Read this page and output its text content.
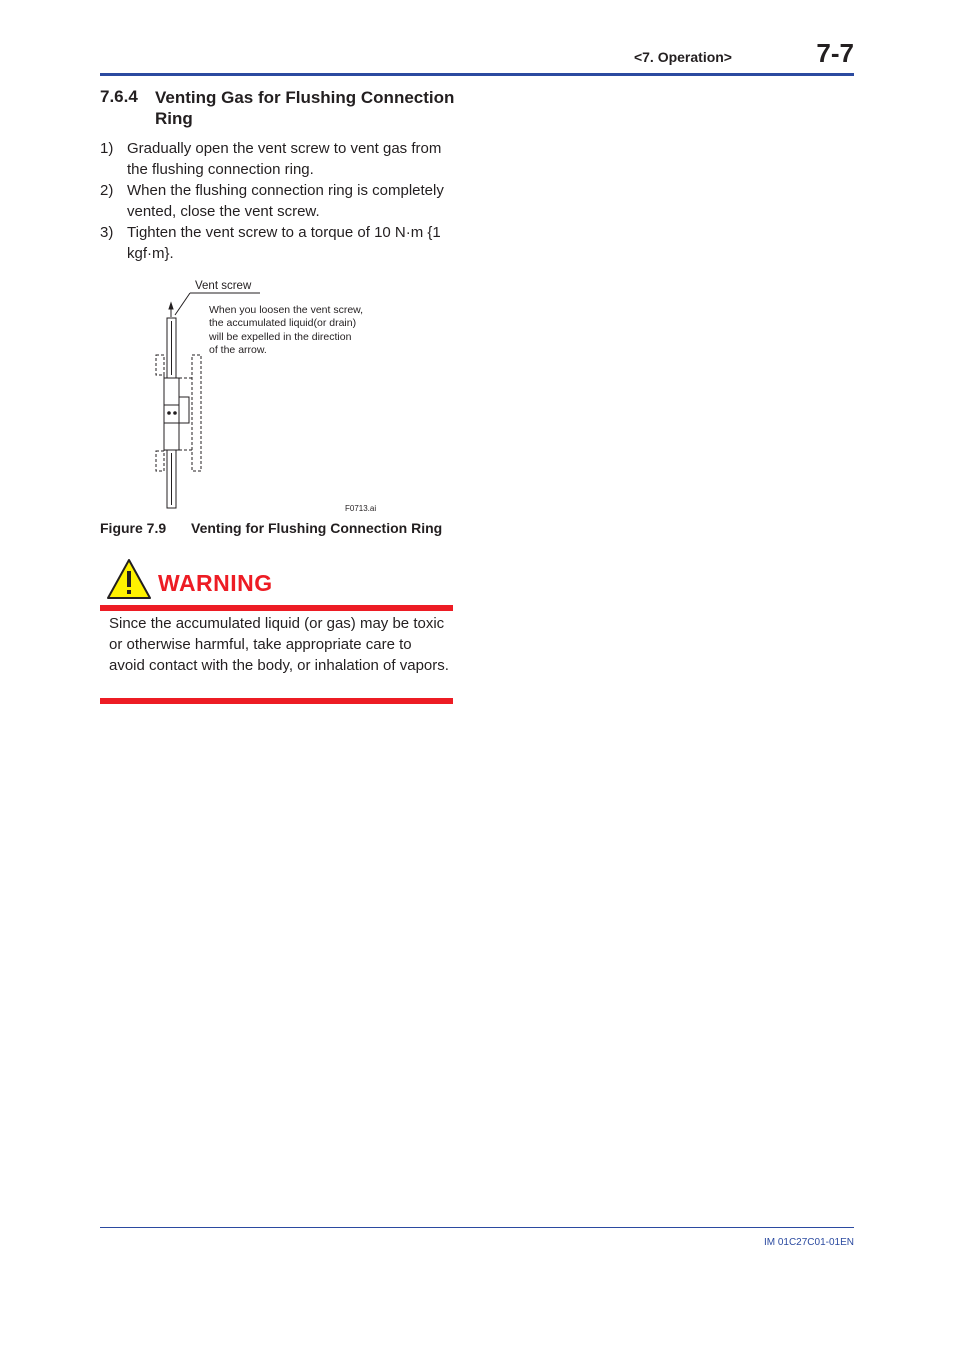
<7. Operation>	7-7
7.6.4 Venting Gas for Flushing Connection Ring
1) Gradually open the vent screw to vent gas from the flushing connection ring.
2) When the flushing connection ring is completely vented, close the vent screw.
3) Tighten the vent screw to a torque of 10 N·m {1 kgf·m}.
Vent screw
When you loosen the vent screw,
the accumulated liquid(or drain)
will be expelled in the direction
of the arrow.
F0713.ai
Figure 7.9 Venting for Flushing Connection Ring
WARNING
Since the accumulated liquid (or gas) may be toxic or otherwise harmful, take appropriate care to avoid contact with the body, or inhalation of vapors.
IM 01C27C01-01EN
